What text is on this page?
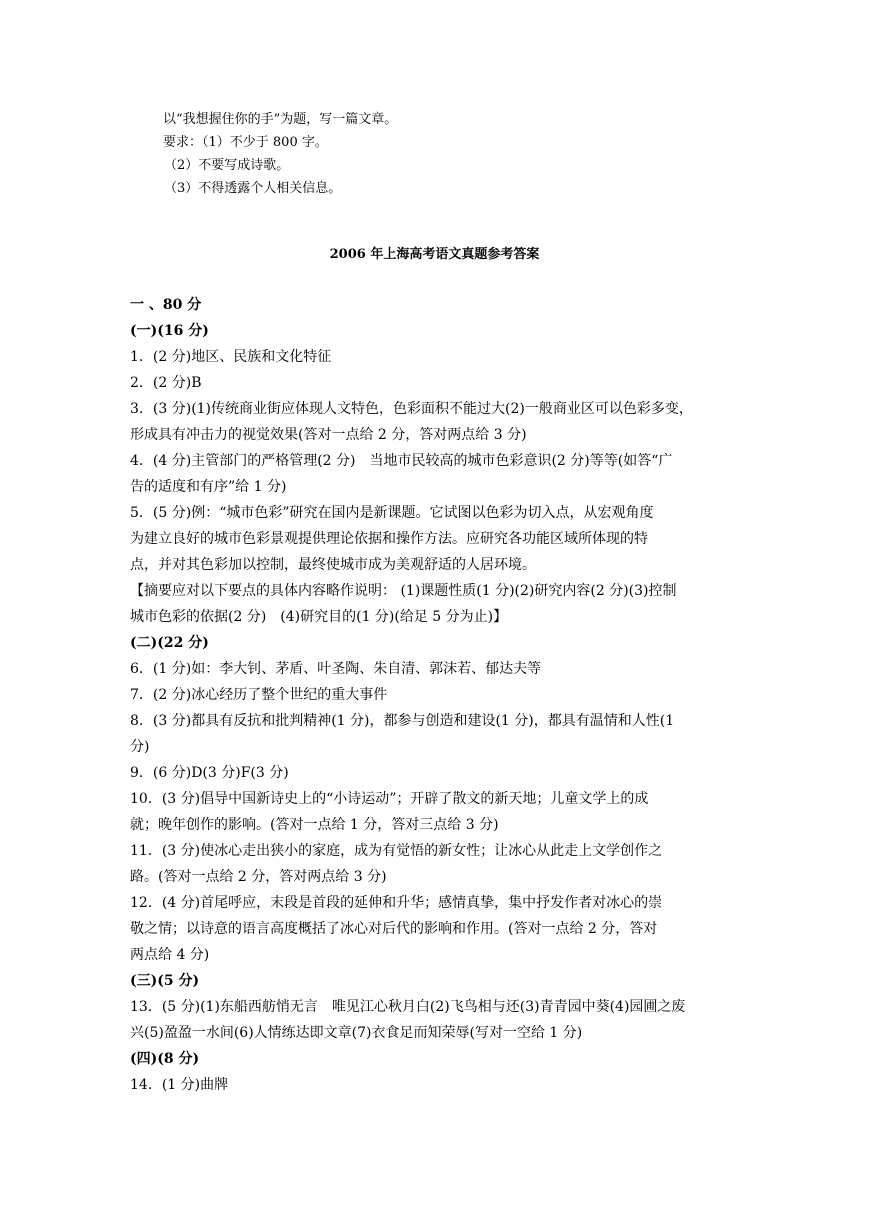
以“我想握住你的手”为题，写一篇文章。
要求：（1）不少于 800 字。
（2）不要写成诗歌。
（3）不得透露个人相关信息。
2006 年上海高考语文真题参考答案
一 、80 分
(一)(16 分)
1．(2 分)地区、民族和文化特征
2．(2 分)B
3．(3 分)(1)传统商业街应体现人文特色，色彩面积不能过大(2)一般商业区可以色彩多变，
形成具有冲击力的视觉效果(答对一点给 2 分，答对两点给 3 分)
4．(4 分)主管部门的严格管理(2 分)　当地市民较高的城市色彩意识(2 分)等等(如答“广
告的适度和有序”给 1 分)
5．(5 分)例：“城市色彩”研究在国内是新课题。它试图以色彩为切入点，从宏观角度
为建立良好的城市色彩景观提供理论依据和操作方法。应研究各功能区域所体现的特
点，并对其色彩加以控制，最终使城市成为美观舒适的人居环境。
【摘要应对以下要点的具体内容略作说明： (1)课题性质(1 分)(2)研究内容(2 分)(3)控制
城市色彩的依据(2 分)　(4)研究目的(1 分)(给足 5 分为止)】
(二)(22 分)
6．(1 分)如：李大钊、茅盾、叶圣陶、朱自清、郭沫若、郁达夫等
7．(2 分)冰心经历了整个世纪的重大事件
8．(3 分)都具有反抗和批判精神(1 分)，都参与创造和建设(1 分)，都具有温情和人性(1
分)
9．(6 分)D(3 分)F(3 分)
10．(3 分)倡导中国新诗史上的“小诗运动”；开辟了散文的新天地；儿童文学上的成
就；晚年创作的影响。(答对一点给 1 分，答对三点给 3 分)
11．(3 分)使冰心走出狭小的家庭，成为有觉悟的新女性；让冰心从此走上文学创作之
路。(答对一点给 2 分，答对两点给 3 分)
12．(4 分)首尾呼应，末段是首段的延伸和升华；感情真挚，集中抒发作者对冰心的崇
敬之情；以诗意的语言高度概括了冰心对后代的影响和作用。(答对一点给 2 分，答对
两点给 4 分)
(三)(5 分)
13．(5 分)(1)东船西舫悄无言　唯见江心秋月白(2)飞鸟相与还(3)青青园中葵(4)园圃之废
兴(5)盈盈一水间(6)人情练达即文章(7)衣食足而知荣辱(写对一空给 1 分)
(四)(8 分)
14．(1 分)曲牌
